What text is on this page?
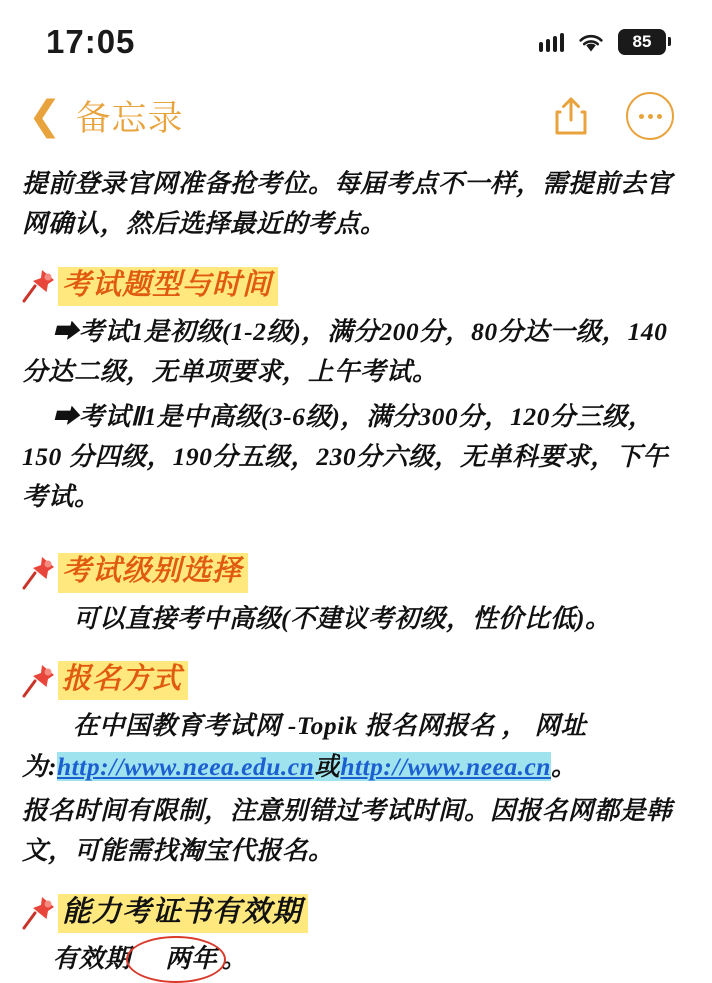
17:05	85
❮ 备忘录

提前登录官网准备抢考位。每届考点不一样，需提前去官网确认，然后选择最近的考点。

考试题型与时间

➡考试1是初级(1-2级)，满分200分，80分达一级，140分达二级，无单项要求，上午考试。

➡考试Ⅱ1是中高级(3-6级)，满分300分，120分三级，150 分四级，190分五级，230分六级，无单科要求，下午考试。

考试级别选择

可以直接考中高级(不建议考初级，性价比低)。

报名方式

在中国教育考试网 -Topik 报名网报名 ， 网址为:http://www.neea.edu.cn或http://www.neea.cn。

报名时间有限制，注意别错过考试时间。因报名网都是韩文，可能需找淘宝代报名。

能力考证书有效期

有效期 两年 。
